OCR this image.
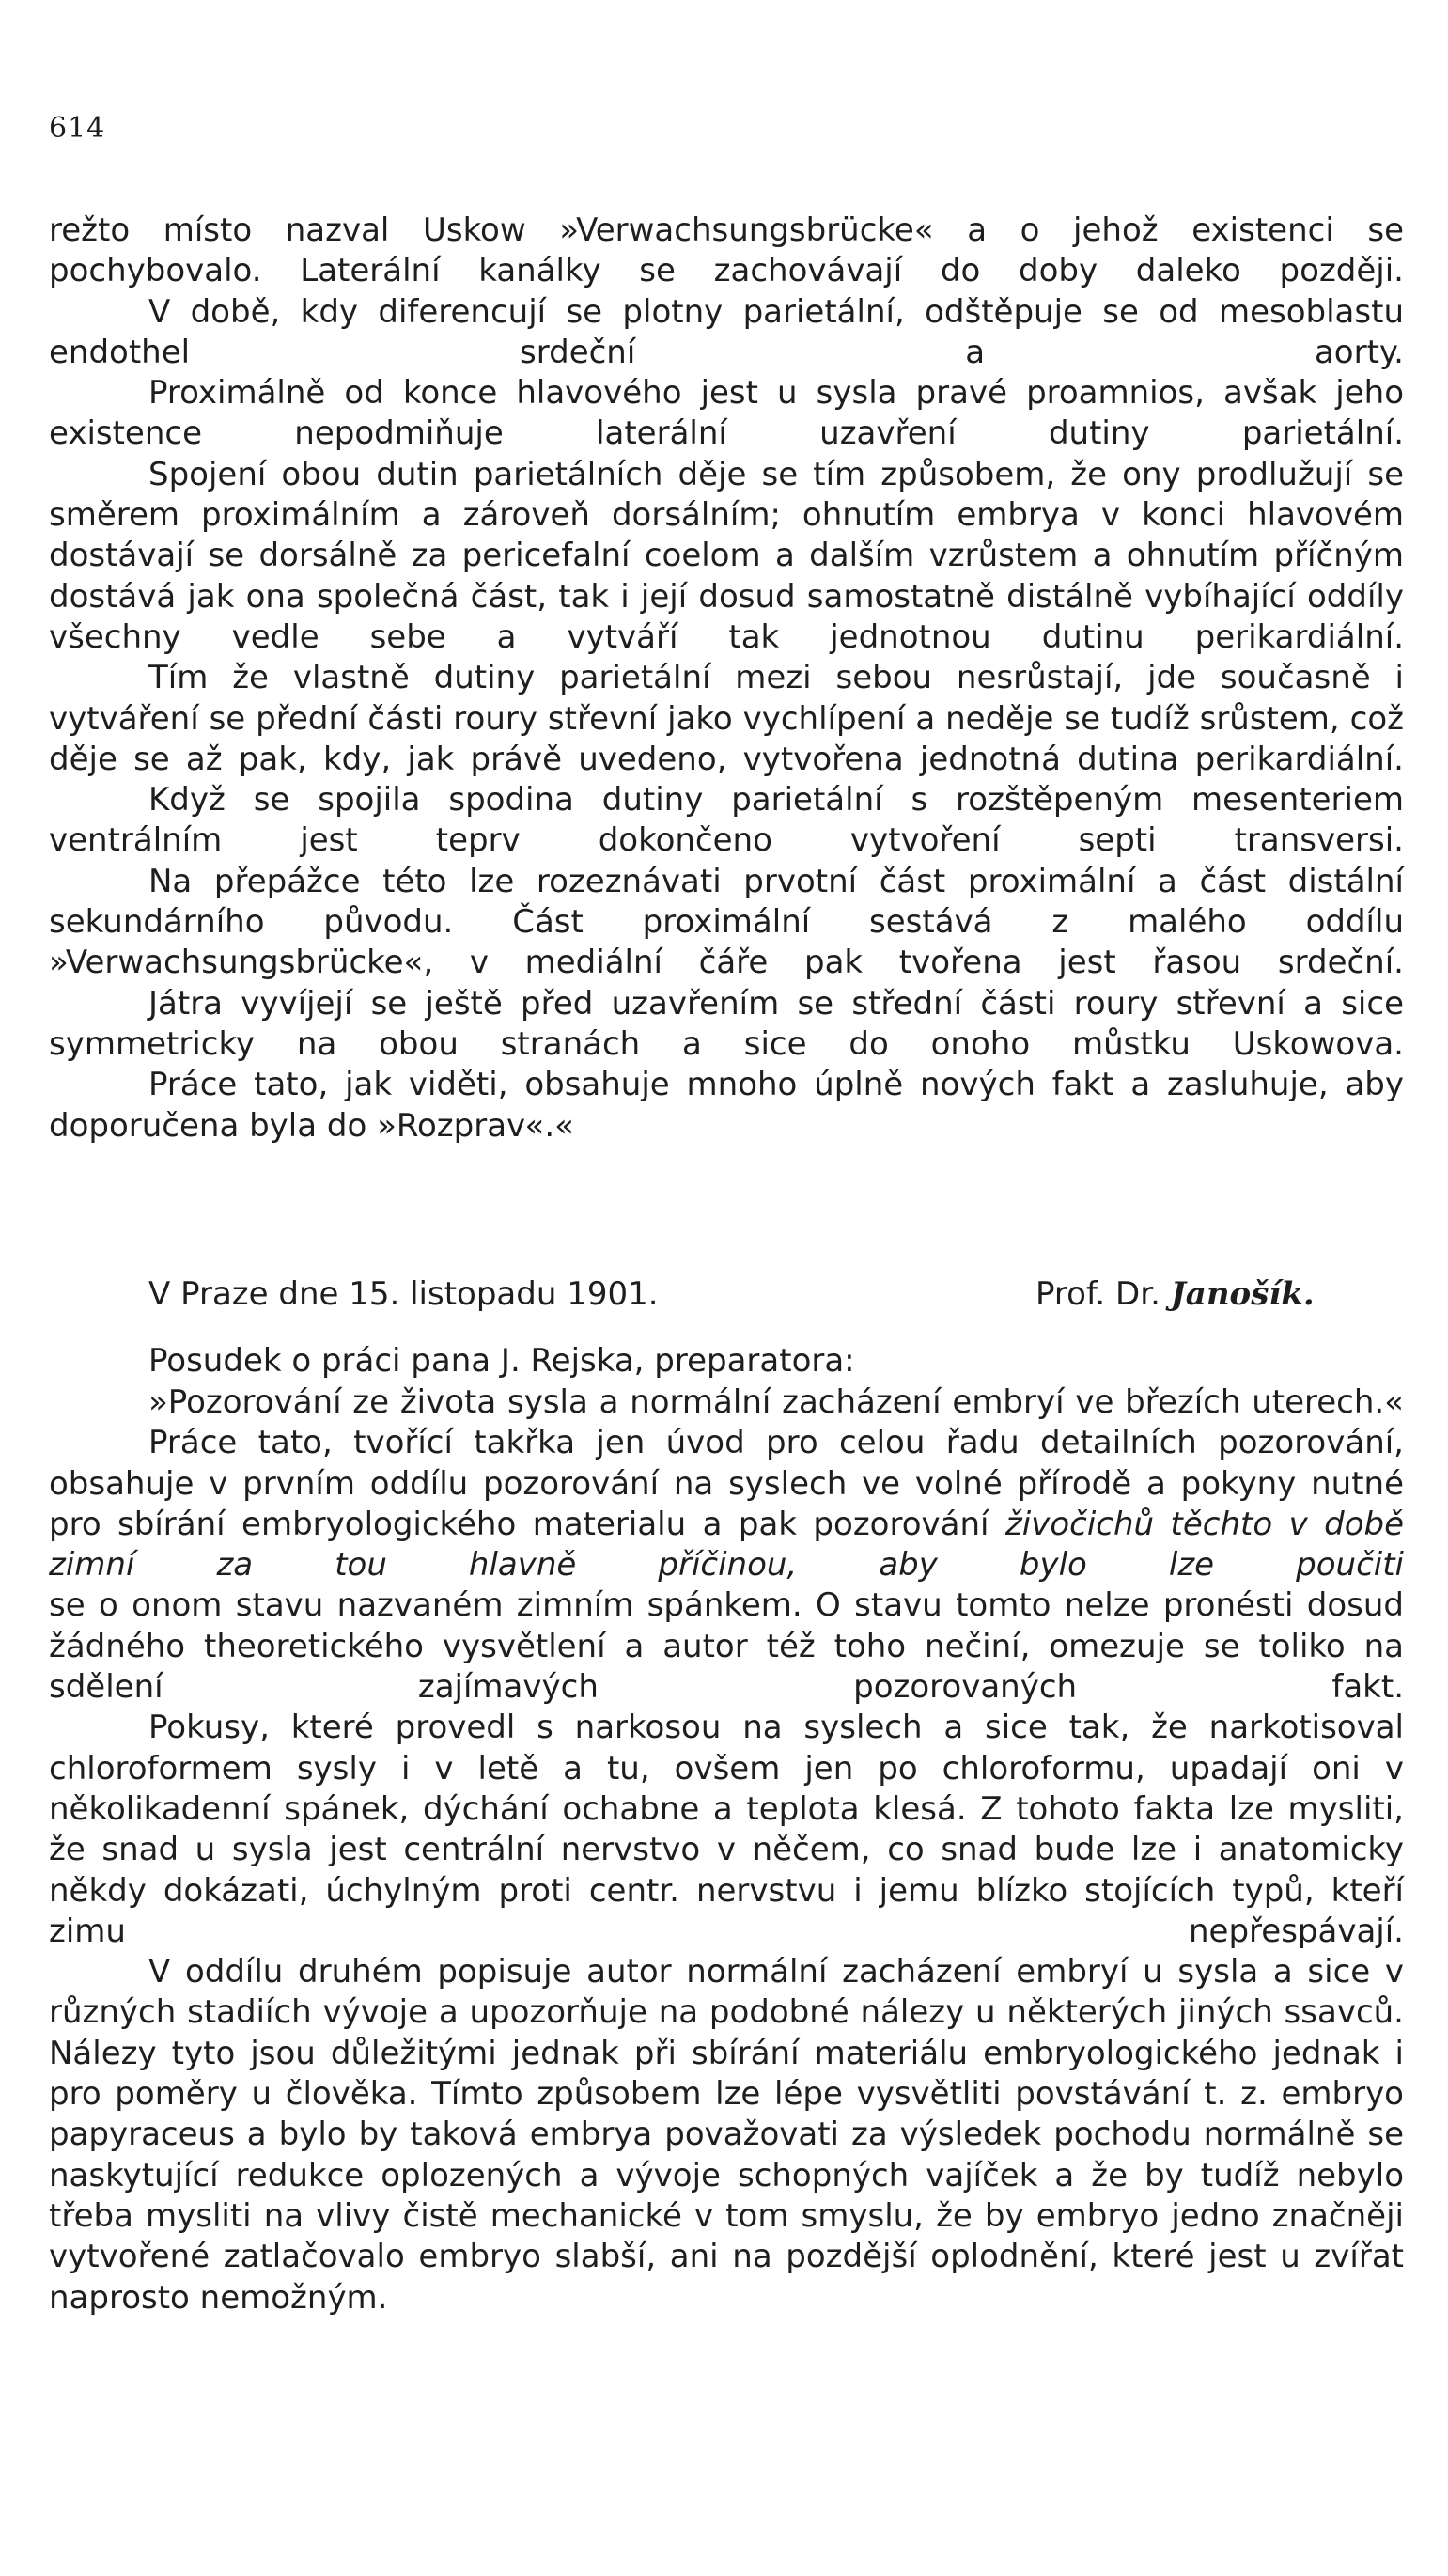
614

režto místo nazval Uskow »Verwachsungsbrücke« a o jehož existenci se pochybovalo. Laterální kanálky se zachovávají do doby daleko později.

V době, kdy diferencují se plotny parietální, odštěpuje se od mesoblastu endothel srdeční a aorty.

Proximálně od konce hlavového jest u sysla pravé proamnios, avšak jeho existence nepodmiňuje laterální uzavření dutiny parietální.

Spojení obou dutin parietálních děje se tím způsobem, že ony prodlužují se směrem proximálním a zároveň dorsálním; ohnutím embrya v konci hlavovém dostávají se dorsálně za pericefalní coelom a dalším vzrůstem a ohnutím příčným dostává jak ona společná část, tak i její dosud samostatně distálně vybíhající oddíly všechny vedle sebe a vytváří tak jednotnou dutinu perikardiální.

Tím že vlastně dutiny parietální mezi sebou nesrůstají, jde současně i vytváření se přední části roury střevní jako vychlípení a neděje se tudíž srůstem, což děje se až pak, kdy, jak právě uvedeno, vytvořena jednotná dutina perikardiální.

Když se spojila spodina dutiny parietální s rozštěpeným mesenteriem ventrálním jest teprv dokončeno vytvoření septi transversi.

Na přepážce této lze rozeznávati prvotní část proximální a část distální sekundárního původu. Část proximální sestává z malého oddílu »Verwachsungsbrücke«, v mediální čáře pak tvořena jest řasou srdeční.

Játra vyvíjejí se ještě před uzavřením se střední části roury střevní a sice symmetricky na obou stranách a sice do onoho můstku Uskowova.

Práce tato, jak viděti, obsahuje mnoho úplně nových fakt a zasluhuje, aby doporučena byla do »Rozprav«.«

V Praze dne 15. listopadu 1901.	Prof. Dr. Janošík.
Posudek o práci pana J. Rejska, preparatora:

»Pozorování ze života sysla a normální zacházení embryí ve březích uterech.«

Práce tato, tvořící takřka jen úvod pro celou řadu detailních pozorování, obsahuje v prvním oddílu pozorování na syslech ve volné přírodě a pokyny nutné pro sbírání embryologického materialu a pak pozorování živočichů těchto v době zimní za tou hlavně příčinou, aby bylo lze poučiti

se o onom stavu nazvaném zimním spánkem. O stavu tomto nelze pronésti dosud žádného theoretického vysvětlení a autor též toho nečiní, omezuje se toliko na sdělení zajímavých pozorovaných fakt.

Pokusy, které provedl s narkosou na syslech a sice tak, že narkotisoval chloroformem sysly i v letě a tu, ovšem jen po chloroformu, upadají oni v několikadenní spánek, dýchání ochabne a teplota klesá. Z tohoto fakta lze mysliti, že snad u sysla jest centrální nervstvo v něčem, co snad bude lze i anatomicky někdy dokázati, úchylným proti centr. nervstvu i jemu blízko stojících typů, kteří zimu nepřespávají.

V oddílu druhém popisuje autor normální zacházení embryí u sysla a sice v různých stadiích vývoje a upozorňuje na podobné nálezy u některých jiných ssavců. Nálezy tyto jsou důležitými jednak při sbírání materiálu embryologického jednak i pro poměry u člověka. Tímto způsobem lze lépe vysvětliti povstávání t. z. embryo papyraceus a bylo by taková embrya považovati za výsledek pochodu normálně se naskytující redukce oplozených a vývoje schopných vajíček a že by tudíž nebylo třeba mysliti na vlivy čistě mechanické v tom smyslu, že by embryo jedno značněji vytvořené zatlačovalo embryo slabší, ani na pozdější oplodnění, které jest u zvířat naprosto nemožným.
